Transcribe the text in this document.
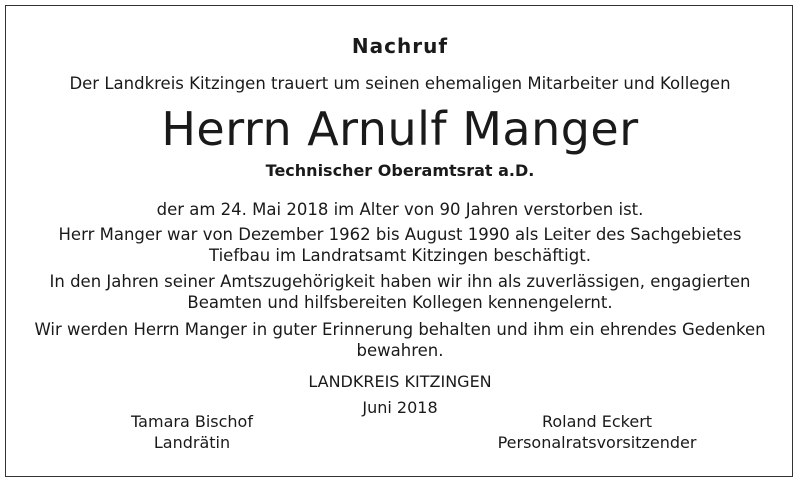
Nachruf
Der Landkreis Kitzingen trauert um seinen ehemaligen Mitarbeiter und Kollegen
Herrn Arnulf Manger
Technischer Oberamtsrat a.D.
der am 24. Mai 2018 im Alter von 90 Jahren verstorben ist.
Herr Manger war von Dezember 1962 bis August 1990 als Leiter des Sachgebietes
Tiefbau im Landratsamt Kitzingen beschäftigt.
In den Jahren seiner Amtszugehörigkeit haben wir ihn als zuverlässigen, engagierten
Beamten und hilfsbereiten Kollegen kennengelernt.
Wir werden Herrn Manger in guter Erinnerung behalten und ihm ein ehrendes Gedenken
bewahren.
LANDKREIS KITZINGEN
Juni 2018
Tamara Bischof
Landrätin
Roland Eckert
Personalratsvorsitzender
